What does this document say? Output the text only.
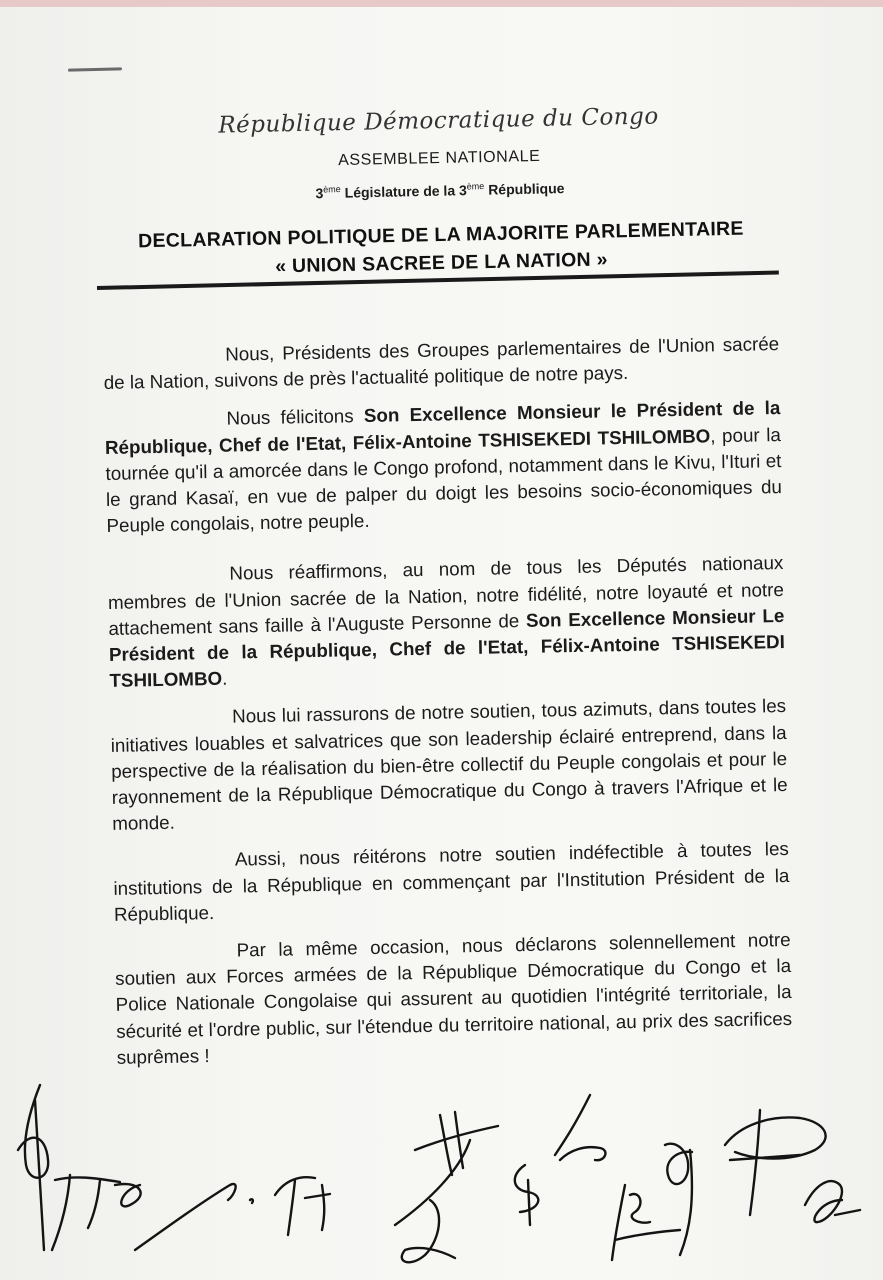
République Démocratique du Congo
ASSEMBLEE NATIONALE
3ème Législature de la 3ème République
DECLARATION POLITIQUE DE LA MAJORITE PARLEMENTAIRE
« UNION SACREE DE LA NATION »

Nous, Présidents des Groupes parlementaires de l'Union sacrée de la Nation, suivons de près l'actualité politique de notre pays.

Nous félicitons Son Excellence Monsieur le Président de la République, Chef de l'Etat, Félix-Antoine TSHISEKEDI TSHILOMBO, pour la tournée qu'il a amorcée dans le Congo profond, notamment dans le Kivu, l'Ituri et le grand Kasaï, en vue de palper du doigt les besoins socio-économiques du Peuple congolais, notre peuple.

Nous réaffirmons, au nom de tous les Députés nationaux membres de l'Union sacrée de la Nation, notre fidélité, notre loyauté et notre attachement sans faille à l'Auguste Personne de Son Excellence Monsieur Le Président de la République, Chef de l'Etat, Félix-Antoine TSHISEKEDI TSHILOMBO.

Nous lui rassurons de notre soutien, tous azimuts, dans toutes les initiatives louables et salvatrices que son leadership éclairé entreprend, dans la perspective de la réalisation du bien-être collectif du Peuple congolais et pour le rayonnement de la République Démocratique du Congo à travers l'Afrique et le monde.

Aussi, nous réitérons notre soutien indéfectible à toutes les institutions de la République en commençant par l'Institution Président de la République.

Par la même occasion, nous déclarons solennellement notre soutien aux Forces armées de la République Démocratique du Congo et la Police Nationale Congolaise qui assurent au quotidien l'intégrité territoriale, la sécurité et l'ordre public, sur l'étendue du territoire national, au prix des sacrifices suprêmes !
